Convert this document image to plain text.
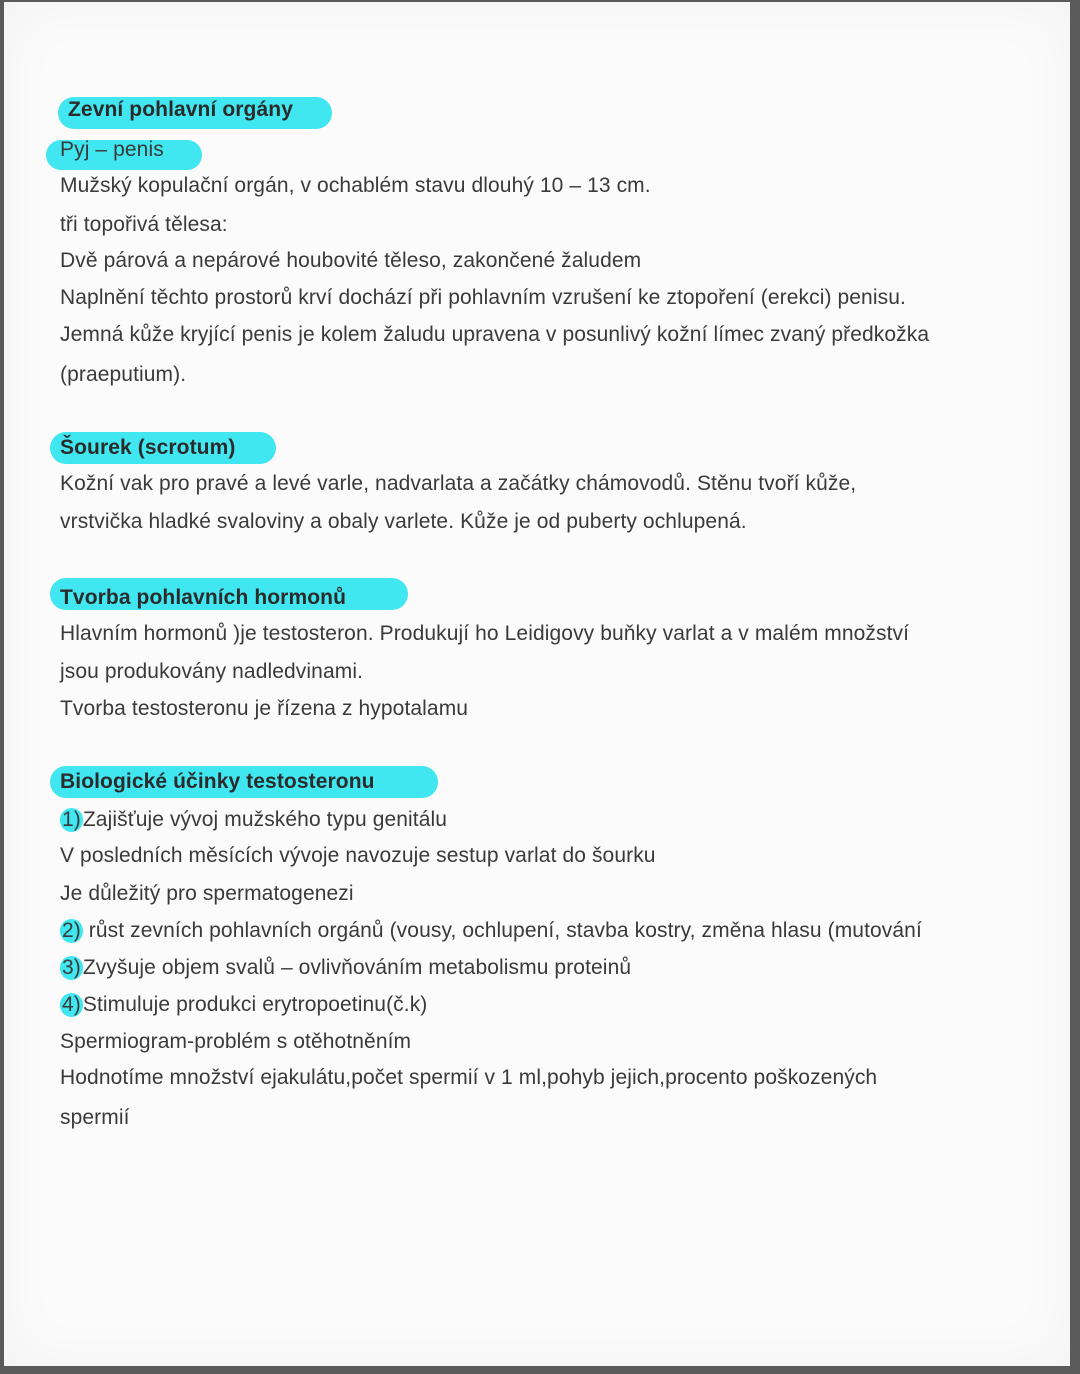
Zevní pohlavní orgány
Pyj – penis
Mužský kopulační orgán, v ochablém stavu dlouhý 10 – 13 cm.
tři topořivá tělesa:
Dvě párová a nepárové houbovité těleso, zakončené žaludem
Naplnění těchto prostorů krví dochází při pohlavním vzrušení ke ztopoření (erekci) penisu.
Jemná kůže kryjící penis je kolem žaludu upravena v posunlivý kožní límec zvaný předkožka
(praeputium).
Šourek (scrotum)
Kožní vak pro pravé a levé varle, nadvarlata a začátky chámovodů. Stěnu tvoří kůže,
vrstvička hladké svaloviny a obaly varlete. Kůže je od puberty ochlupená.
Tvorba pohlavních hormonů
Hlavním hormonů )je testosteron. Produkují ho Leidigovy buňky varlat a v malém množství
jsou produkovány nadledvinami.
Tvorba testosteronu je řízena z hypotalamu
Biologické účinky testosteronu
1)Zajišťuje vývoj mužského typu genitálu
V posledních měsících vývoje navozuje sestup varlat do šourku
Je důležitý pro spermatogenezi
2) růst zevních pohlavních orgánů (vousy, ochlupení, stavba kostry, změna hlasu (mutování
3)Zvyšuje objem svalů – ovlivňováním metabolismu proteinů
4)Stimuluje produkci erytropoetinu(č.k)
Spermiogram-problém s otěhotněním
Hodnotíme množství ejakulátu,počet spermií v 1 ml,pohyb jejich,procento poškozených
spermií
